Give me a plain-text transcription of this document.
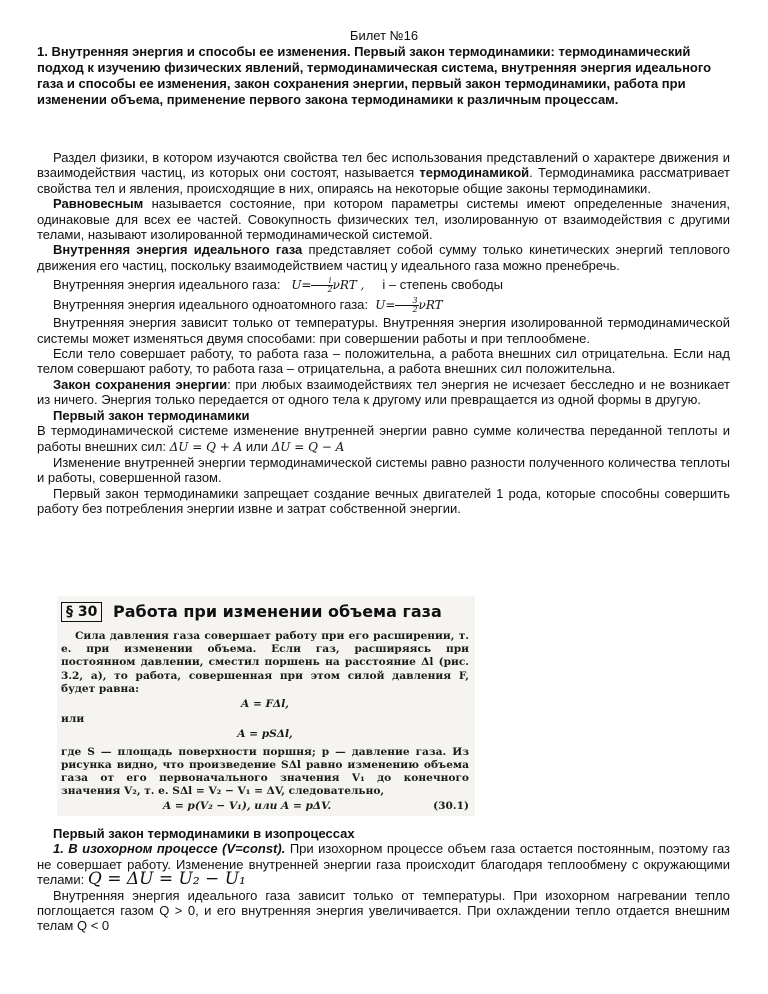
Билет №16
1. Внутренняя энергия и способы ее изменения. Первый закон термодинамики: термодинамический подход к изучению физических явлений, термодинамическая система, внутренняя энергия идеального газа и способы ее изменения, закон сохранения энергии, первый закон термодинамики, работа при изменении объема, применение первого закона термодинамики к различным процессам.

Раздел физики, в котором изучаются свойства тел бес использования представлений о характере движения и взаимодействия частиц, из которых они состоят, называется термодинамикой. Термодинамика рассматривает свойства тел и явления, происходящие в них, опираясь на некоторые общие законы термодинамики.

Равновесным называется состояние, при котором параметры системы имеют определенные значения, одинаковые для всех ее частей. Совокупность физических тел, изолированную от взаимодействия с другими телами, называют изолированной термодинамической системой.

Внутренняя энергия идеального газа представляет собой сумму только кинетических энергий теплового движения его частиц, поскольку взаимодействием частиц у идеального газа можно пренебречь.

Внутренняя энергия идеального газа: $U= \frac{i}{2}$ νRT , i – степень свободы

Внутренняя энергия идеального одноатомного газа: $U= \frac{3}{2}$ νRT

Внутренняя энергия зависит только от температуры. Внутренняя энергия изолированной термодинамической системы может изменяться двумя способами: при совершении работы и при теплообмене.

Если тело совершает работу, то работа газа – положительна, а работа внешних сил отрицательна. Если над телом совершают работу, то работа газа – отрицательна, а работа внешних сил положительна.

Закон сохранения энергии: при любых взаимодействиях тел энергия не исчезает бесследно и не возникает из ничего. Энергия только передается от одного тела к другому или превращается из одной формы в другую.

Первый закон термодинамики

В термодинамической системе изменение внутренней энергии равно сумме количества переданной теплоты и работы внешних сил: ΔU = Q + A или ΔU = Q − A

Изменение внутренней энергии термодинамической системы равно разности полученного количества теплоты и работы, совершенной газом.

Первый закон термодинамики запрещает создание вечных двигателей 1 рода, которые способны совершить работу без потребления энергии извне и затрат собственной энергии.

§ 30 Работа при изменении объема газа

Сила давления газа совершает работу при его расширении, т. е. при изменении объема. Если газ, расширяясь при постоянном давлении, сместил поршень на расстояние Δl (рис. 3.2, а), то работа, совершенная при этом силой давления F, будет равна:

A = FΔl,

или

A = pSΔl,

где S — площадь поверхности поршня; p — давление газа. Из рисунка видно, что произведение SΔl равно изменению объема газа от его первоначального значения V₁ до конечного значения V₂, т. е. SΔl = V₂ − V₁ = ΔV, следовательно,

A = p(V₂ − V₁), или A = pΔV.	(30.1)

Первый закон термодинамики в изопроцессах

1. В изохорном процессе (V=const). При изохорном процессе объем газа остается постоянным, поэтому газ не совершает работу. Изменение внутренней энергии газа происходит благодаря теплообмену с окружающими телами: Q = ΔU = U₂ − U₁

Внутренняя энергия идеального газа зависит только от температуры. При изохорном нагревании тепло поглощается газом Q > 0, и его внутренняя энергия увеличивается. При охлаждении тепло отдается внешним телам Q < 0
